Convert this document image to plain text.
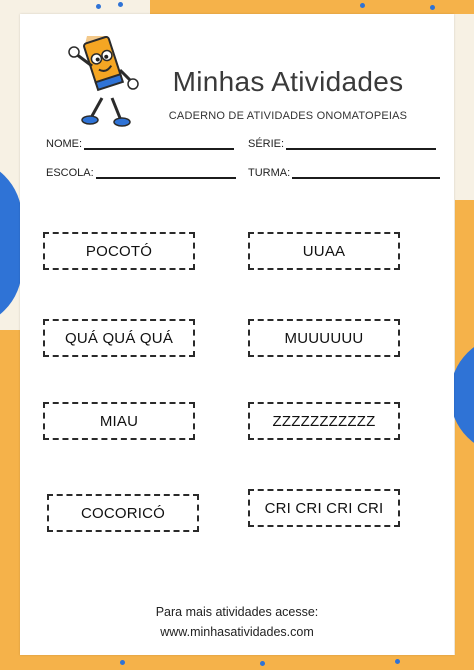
Minhas Atividades
CADERNO DE ATIVIDADES ONOMATOPEIAS
NOME:	SÉRIE:
ESCOLA:	TURMA:
POCOTÓ	UUAA
QUÁ QUÁ QUÁ	MUUUUUU
MIAU	ZZZZZZZZZZZ
COCORICÓ	CRI CRI CRI CRI
Para mais atividades acesse:
www.minhasatividades.com
